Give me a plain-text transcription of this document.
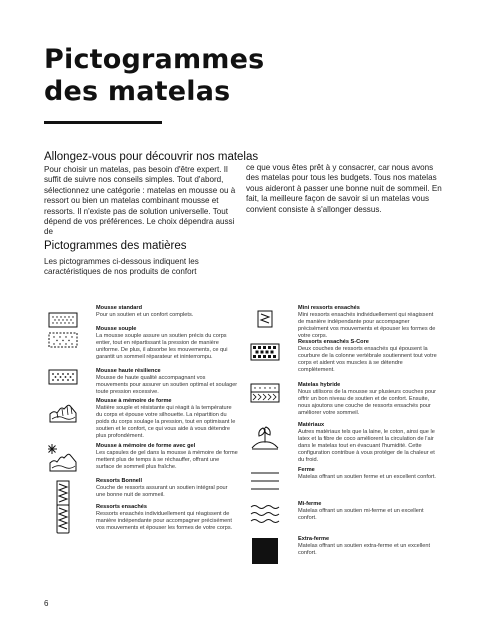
Pictogrammes
des matelas
Allongez-vous pour découvrir nos matelas

Pour choisir un matelas, pas besoin d'être expert. Il suffit de suivre nos conseils simples. Tout d'abord, sélectionnez une catégorie : matelas en mousse ou à ressort ou bien un matelas combinant mousse et ressorts. Il n'existe pas de solution universelle. Tout dépend de vos préférences. Le choix dépendra aussi de

ce que vous êtes prêt à y consacrer, car nous avons des matelas pour tous les budgets. Tous nos matelas vous aideront à passer une bonne nuit de sommeil. En fait, la meilleure façon de savoir si un matelas vous convient consiste à s'allonger dessus.

Pictogrammes des matières

Les pictogrammes ci-dessous indiquent les caractéristiques de nos produits de confort

Mousse standard
Pour un soutien et un confort complets.
Mousse souple
La mousse souple assure un soutien précis du corps entier, tout en répartissant la pression de manière uniforme. De plus, il absorbe les mouvements, ce qui garantit un sommeil réparateur et ininterrompu.
Mousse haute résilience
Mousse de haute qualité accompagnant vos mouvements pour assurer un soutien optimal et soulager toute pression excessive.
Mousse à mémoire de forme
Matière souple et résistante qui réagit à la température du corps et épouse votre silhouette. La répartition du poids du corps soulage la pression, tout en optimisant le soutien et le confort, ce qui vous aide à vous détendre plus profondément.
Mousse à mémoire de forme avec gel
Les capsules de gel dans la mousse à mémoire de forme mettent plus de temps à se réchauffer, offrant une surface de sommeil plus fraîche.
Ressorts Bonnell
Couche de ressorts assurant un soutien intégral pour une bonne nuit de sommeil.
Ressorts ensachés
Ressorts ensachés individuellement qui réagissent de manière indépendante pour accompagner précisément vos mouvements et épouser les formes de votre corps.
Mini ressorts ensachés
Mini ressorts ensachés individuellement qui réagissent de manière indépendante pour accompagner précisément vos mouvements et épouser les formes de votre corps.
Ressorts ensachés S-Core
Deux couches de ressorts ensachés qui épousent la courbure de la colonne vertébrale soutiennent tout votre corps et aident vos muscles à se détendre complètement.
Matelas hybride
Nous utilisons de la mousse sur plusieurs couches pour offrir un bon niveau de soutien et de confort. Ensuite, nous ajoutons une couche de ressorts ensachés pour améliorer votre sommeil.
Matériaux
Autres matériaux tels que la laine, le coton, ainsi que le latex et la fibre de coco améliorent la circulation de l'air dans le matelas tout en évacuant l'humidité. Cette configuration contribue à vous protéger de la chaleur et du froid.
Ferme
Matelas offrant un soutien ferme et un excellent confort.
Mi-ferme
Matelas offrant un soutien mi-ferme et un excellent confort.
Extra-ferme
Matelas offrant un soutien extra-ferme et un excellent confort.
6
